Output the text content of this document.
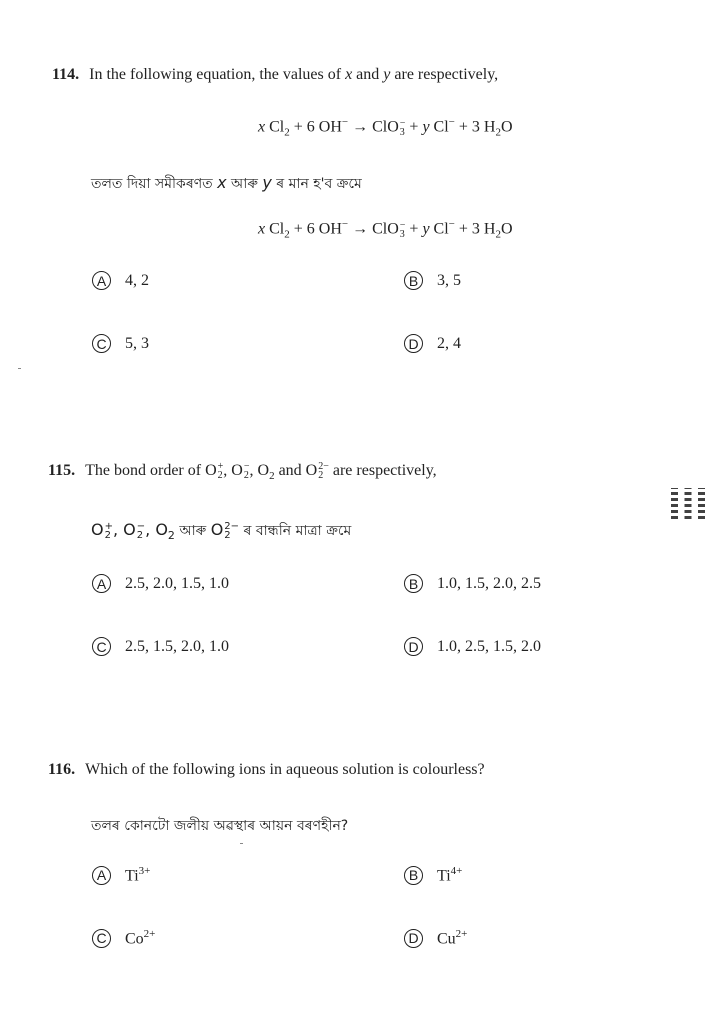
114. In the following equation, the values of x and y are respectively,
x $Cl_2 + 6$ OH− → ClO −
3 + y Cl− + 3 $H_2O$
তলত দিয়া সমীকৰণত x আৰু y ৰ মান হ'ব ক্ৰমে
x $Cl_2 + 6$ OH− → ClO −
3 + y Cl− + 3 $H_2O$
A	4, 2	B	3, 5
C 5, 3	D 2, 4
115. The bond order of O +
2 , O −
2 , $O_2$ and O 2−
2 are respectively,
O +
2 , O −
2 , $O_2$ আৰু O 2−
2 ৰ বান্ধনি মাত্ৰা ক্ৰমে
A	2.5, 2.0, 1.5, 1.0	B	1.0, 1.5, 2.0, 2.5
C 2.5, 1.5, 2.0, 1.0	D 1.0, 2.5, 1.5, 2.0
116. Which of the following ions in aqueous solution is colourless?
তলৰ কোনটো জলীয় অৱস্থাৰ আয়ন বৰণহীন?
A	$Ti^{3+}$	B	$Ti^{4+}$
C $Co^{2+}$	D $Cu^{2+}$
